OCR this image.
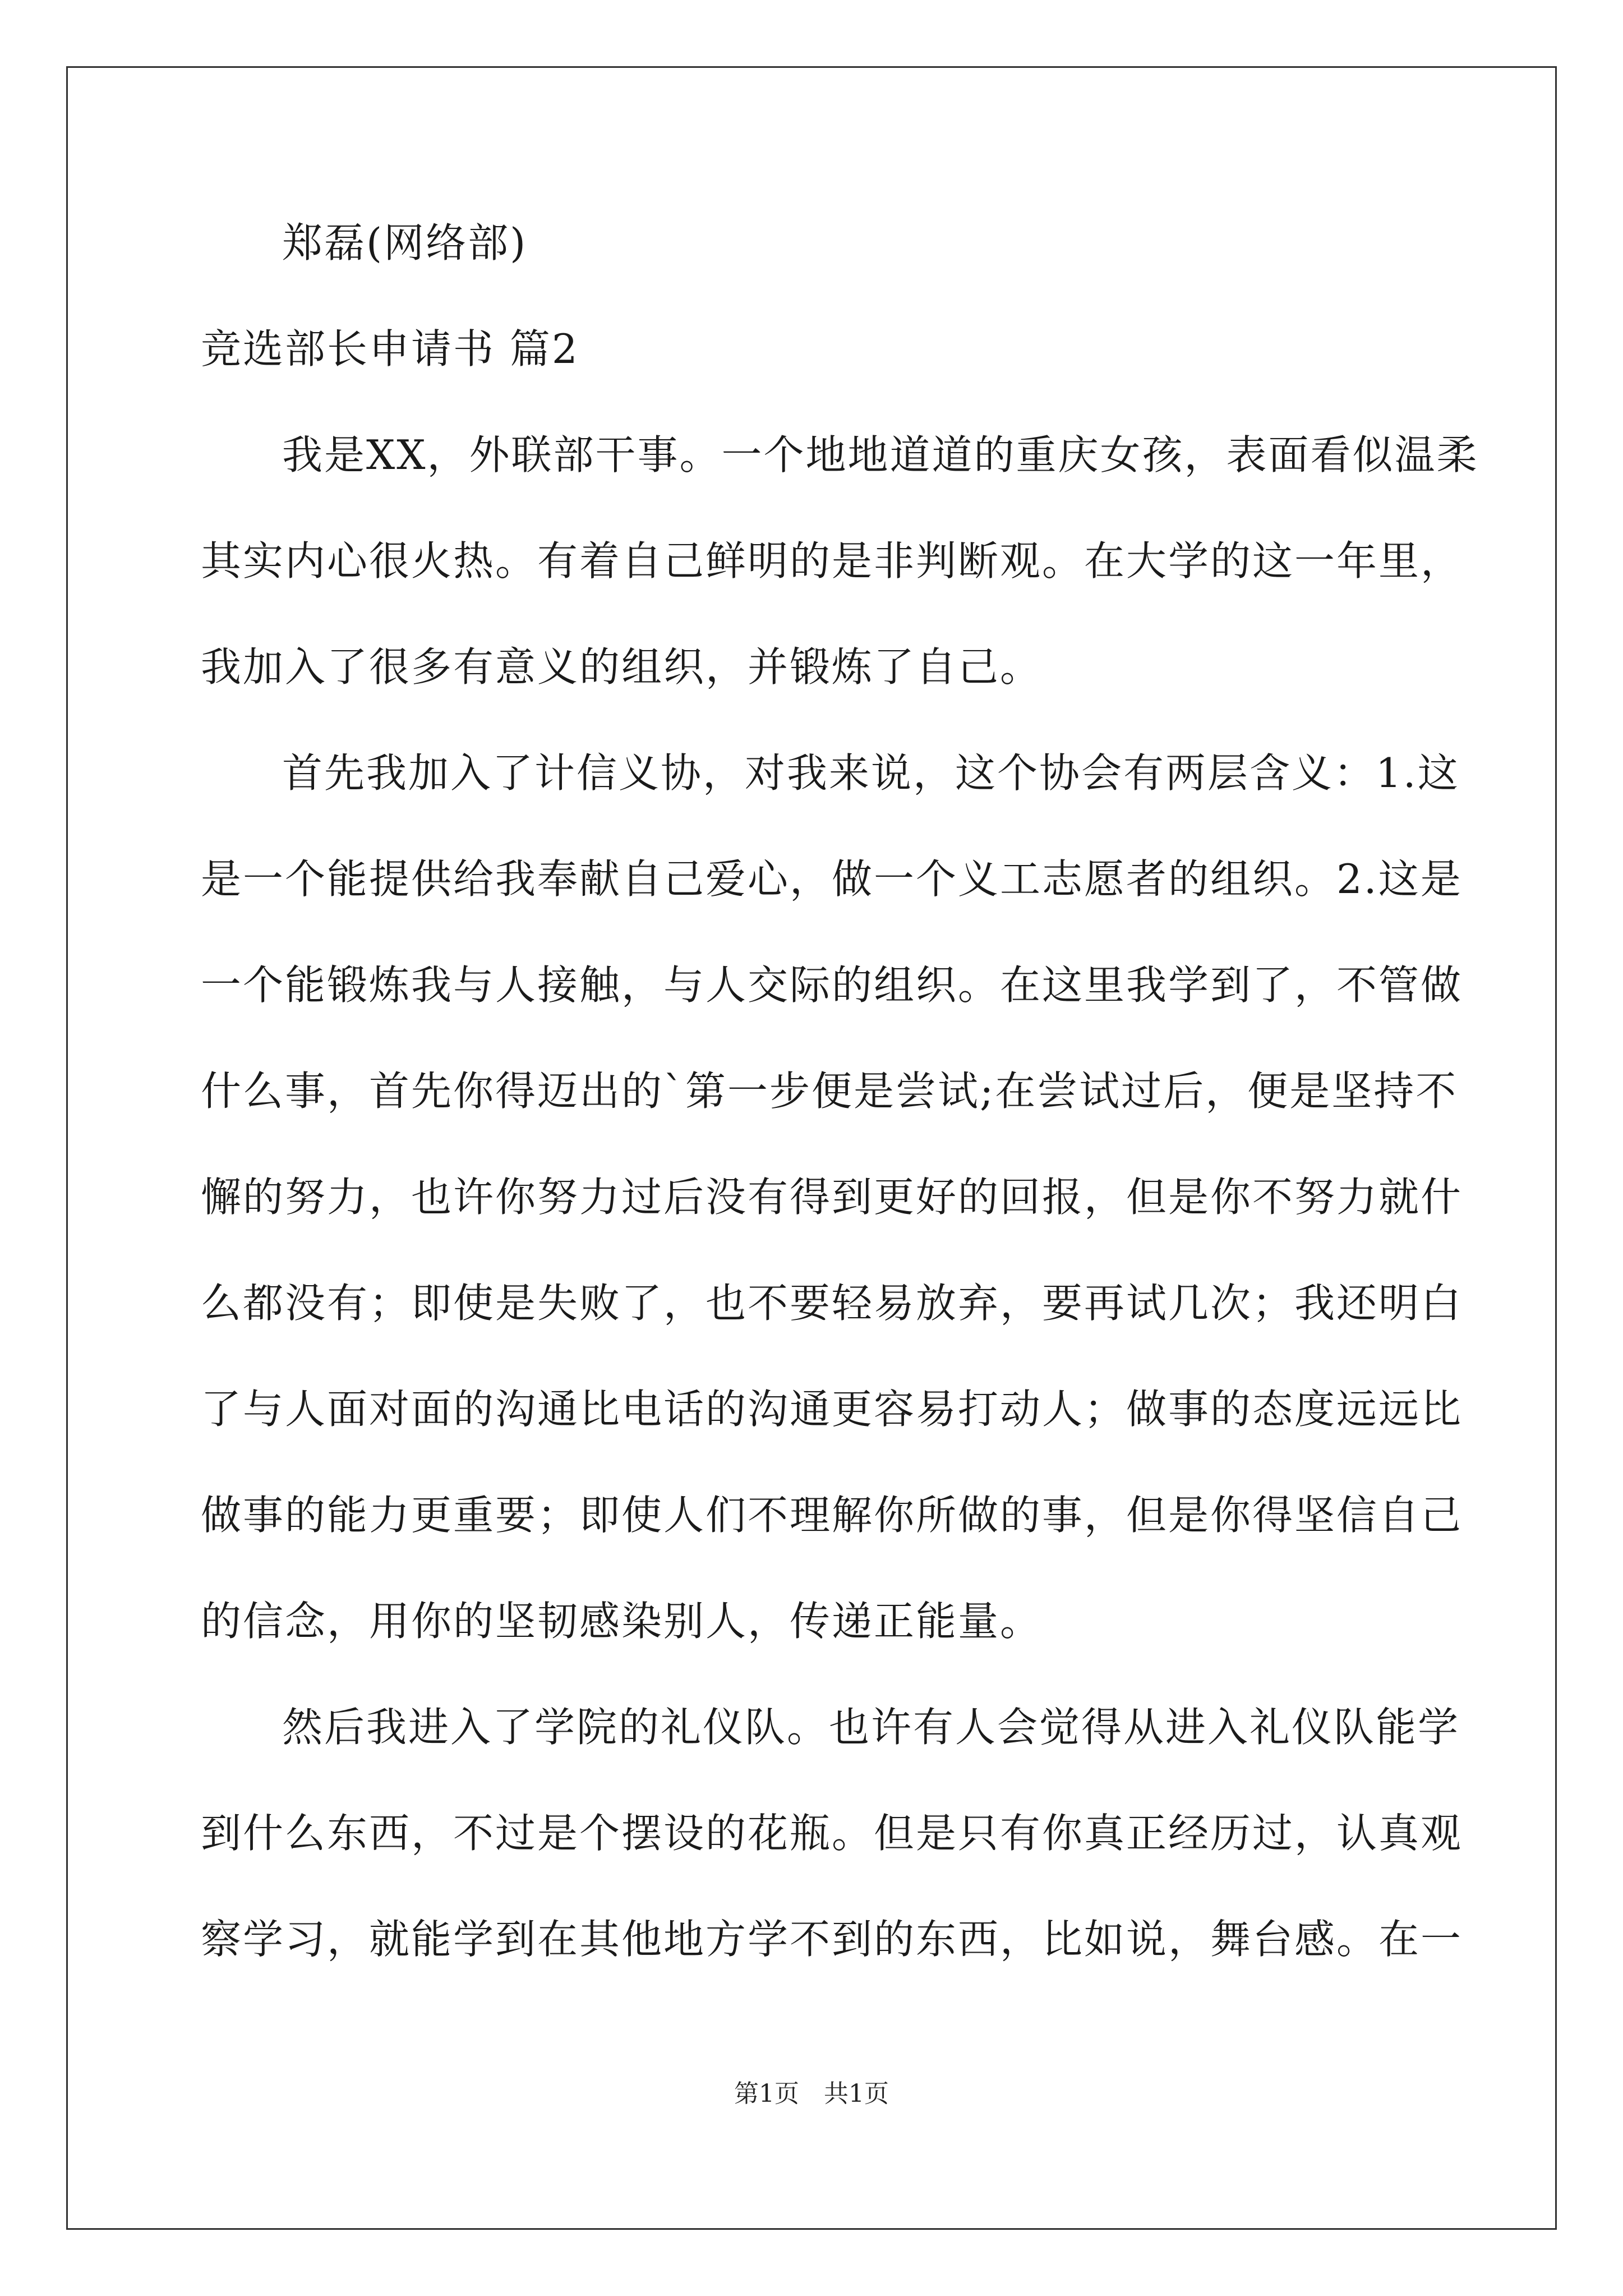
郑磊(网络部)
竞选部长申请书 篇2
我是XX，外联部干事。一个地地道道的重庆女孩，表面看似温柔
其实内心很火热。有着自己鲜明的是非判断观。在大学的这一年里，
我加入了很多有意义的组织，并锻炼了自己。
首先我加入了计信义协，对我来说，这个协会有两层含义：1.这
是一个能提供给我奉献自己爱心，做一个义工志愿者的组织。2.这是
一个能锻炼我与人接触，与人交际的组织。在这里我学到了，不管做
什么事，首先你得迈出的`第一步便是尝试;在尝试过后，便是坚持不
懈的努力，也许你努力过后没有得到更好的回报，但是你不努力就什
么都没有；即使是失败了，也不要轻易放弃，要再试几次；我还明白
了与人面对面的沟通比电话的沟通更容易打动人；做事的态度远远比
做事的能力更重要；即使人们不理解你所做的事，但是你得坚信自己
的信念，用你的坚韧感染别人，传递正能量。
然后我进入了学院的礼仪队。也许有人会觉得从进入礼仪队能学
到什么东西，不过是个摆设的花瓶。但是只有你真正经历过，认真观
察学习，就能学到在其他地方学不到的东西，比如说，舞台感。在一
第1页　共1页
